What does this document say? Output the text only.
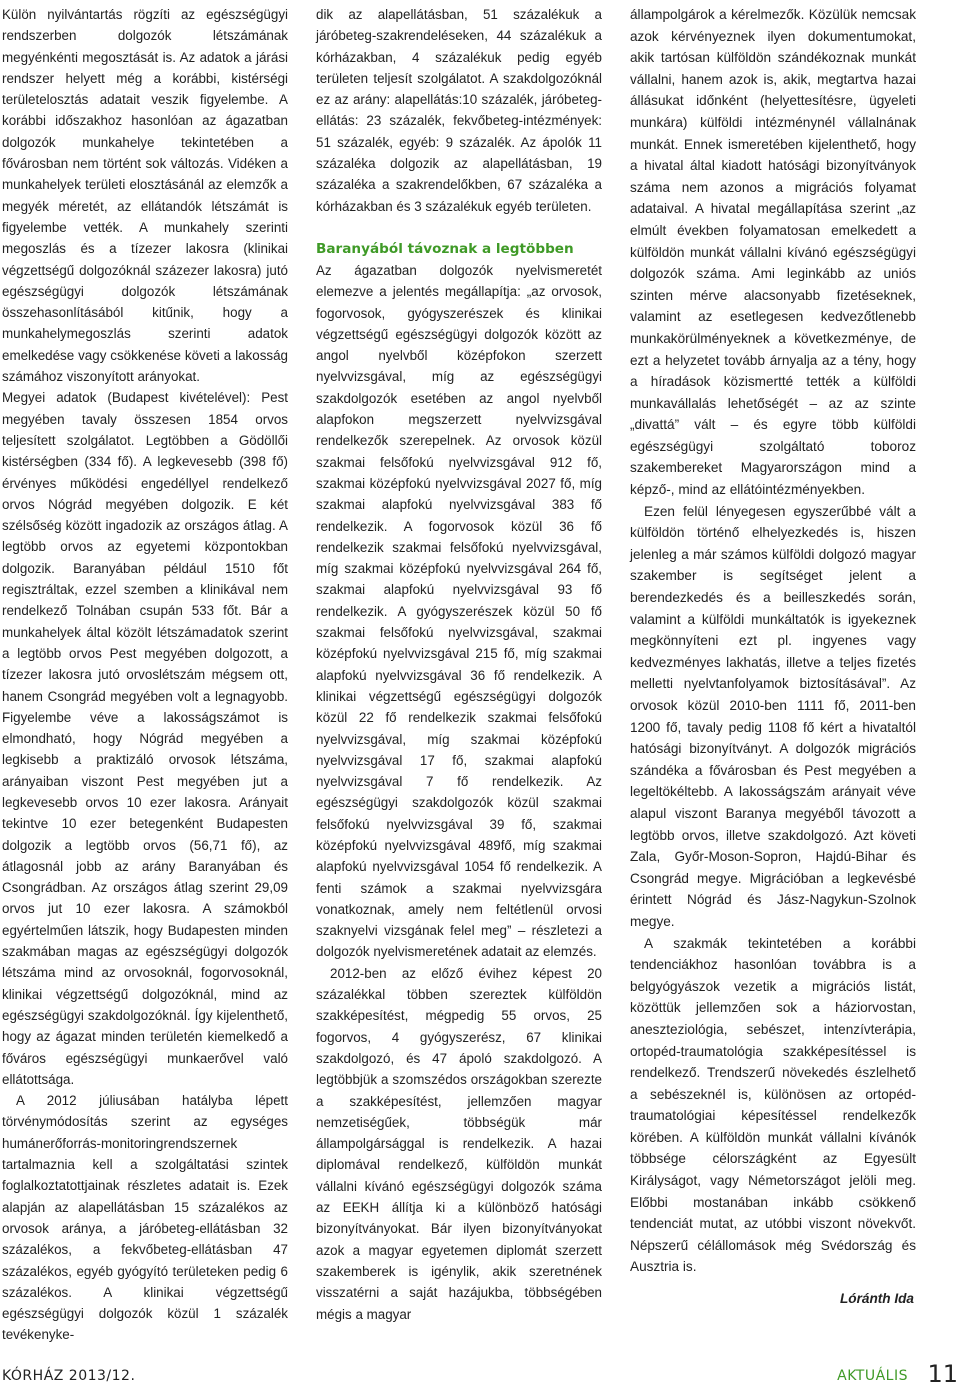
Külön nyilvántartás rögzíti az egészségügyi rendszerben dolgozók létszámának megyénkénti megosztását is. Az adatok a járási rendszer helyett még a korábbi, kistérségi területelosztás adatait veszik figyelembe. A korábbi időszakhoz hasonlóan az ágazatban dolgozók munkahelye tekintetében a fővárosban nem történt sok változás. Vidéken a munkahelyek területi elosztásánál az elemzők a megyék méretét, az ellátandók létszámát is figyelembe vették. A munkahely szerinti megoszlás és a tízezer lakosra (klinikai végzettségű dolgozóknál százezer lakosra) jutó egészségügyi dolgozók létszámának összehasonlításából kitűnik, hogy a munkahelymegoszlás szerinti adatok emelkedése vagy csökkenése követi a lakosság számához viszonyított arányokat.

Megyei adatok (Budapest kivételével): Pest megyében tavaly összesen 1854 orvos teljesített szolgálatot. Legtöbben a Gödöllői kistérségben (334 fő). A legkevesebb (398 fő) érvényes működési engedéllyel rendelkező orvos Nógrád megyében dolgozik. E két szélsőség között ingadozik az országos átlag. A legtöbb orvos az egyetemi központokban dolgozik. Baranyában például 1510 főt regisztráltak, ezzel szemben a klinikával nem rendelkező Tolnában csupán 533 főt. Bár a munkahelyek által közölt létszámadatok szerint a legtöbb orvos Pest megyében dolgozott, a tízezer lakosra jutó orvoslétszám mégsem ott, hanem Csongrád megyében volt a legnagyobb. Figyelembe véve a lakosságszámot is elmondható, hogy Nógrád megyében a legkisebb a praktizáló orvosok létszáma, arányaiban viszont Pest megyében jut a legkevesebb orvos 10 ezer lakosra. Arányait tekintve 10 ezer betegenként Budapesten dolgozik a legtöbb orvos (56,71 fő), az átlagosnál jobb az arány Baranyában és Csongrádban. Az országos átlag szerint 29,09 orvos jut 10 ezer lakosra. A számokból egyértelműen látszik, hogy Budapesten minden szakmában magas az egészségügyi dolgozók létszáma mind az orvosoknál, fogorvosoknál, klinikai végzettségű dolgozóknál, mind az egészségügyi szakdolgozóknál. Így kijelenthető, hogy az ágazat minden területén kiemelkedő a főváros egészségügyi munkaerővel való ellátottsága.

A 2012 júliusában hatályba lépett törvénymódosítás szerint az egységes humánerőforrás-monitoringrendszernek tartalmaznia kell a szolgáltatási szintek foglalkoztatottjainak részletes adatait is. Ezek alapján az alapellátásban 15 százalékos az orvosok aránya, a járóbeteg-ellátásban 32 százalékos, a fekvőbeteg-ellátásban 47 százalékos, egyéb gyógyító területeken pedig 6 százalékos. A klinikai végzettségű egészségügyi dolgozók közül 1 százalék tevékenyke-

dik az alapellátásban, 51 százalékuk a járóbeteg-szakrendeléseken, 44 százalékuk a kórházakban, 4 százalékuk pedig egyéb területen teljesít szolgálatot. A szakdolgozóknál ez az arány: alapellátás:10 százalék, járóbeteg-ellátás: 23 százalék, fekvőbeteg-intézmények: 51 százalék, egyéb: 9 százalék. Az ápolók 11 százaléka dolgozik az alapellátásban, 19 százaléka a szakrendelőkben, 67 százaléka a kórházakban és 3 százalékuk egyéb területen.

Baranyából távoznak a legtöbben

Az ágazatban dolgozók nyelvismeretét elemezve a jelentés megállapítja: „az orvosok, fogorvosok, gyógyszerészek és klinikai végzettségű egészségügyi dolgozók között az angol nyelvből középfokon szerzett nyelvvizsgával, míg az egészségügyi szakdolgozók esetében az angol nyelvből alapfokon megszerzett nyelvvizsgával rendelkezők szerepelnek. Az orvosok közül szakmai felsőfokú nyelvvizsgával 912 fő, szakmai középfokú nyelvvizsgával 2027 fő, míg szakmai alapfokú nyelvvizsgával 383 fő rendelkezik. A fogorvosok közül 36 fő rendelkezik szakmai felsőfokú nyelvvizsgával, míg szakmai középfokú nyelvvizsgával 264 fő, szakmai alapfokú nyelvvizsgával 93 fő rendelkezik. A gyógyszerészek közül 50 fő szakmai felsőfokú nyelvvizsgával, szakmai középfokú nyelvvizsgával 215 fő, míg szakmai alapfokú nyelvvizsgával 36 fő rendelkezik. A klinikai végzettségű egészségügyi dolgozók közül 22 fő rendelkezik szakmai felsőfokú nyelvvizsgával, míg szakmai középfokú nyelvvizsgával 17 fő, szakmai alapfokú nyelvvizsgával 7 fő rendelkezik. Az egészségügyi szakdolgozók közül szakmai felsőfokú nyelvvizsgával 39 fő, szakmai középfokú nyelvvizsgával 489fő, míg szakmai alapfokú nyelvvizsgával 1054 fő rendelkezik. A fenti számok a szakmai nyelvvizsgára vonatkoznak, amely nem feltétlenül orvosi szaknyelvi vizsgának felel meg” – részletezi a dolgozók nyelvismeretének adatait az elemzés.

2012-ben az előző évihez képest 20 százalékkal többen szereztek külföldön szakképesítést, mégpedig 55 orvos, 25 fogorvos, 4 gyógyszerész, 67 klinikai szakdolgozó, és 47 ápoló szakdolgozó. A legtöbbjük a szomszédos országokban szerezte a szakképesítést, jellemzően magyar nemzetiségűek, többségük már állampolgársággal is rendelkezik. A hazai diplomával rendelkező, külföldön munkát vállalni kívánó egészségügyi dolgozók száma az EEKH állítja ki a különböző hatósági bizonyítványokat. Bár ilyen bizonyítványokat azok a magyar egyetemen diplomát szerzett szakemberek is igénylik, akik szeretnének visszatérni a saját hazájukba, többségében mégis a magyar

állampolgárok a kérelmezők. Közülük nemcsak azok kérvényeznek ilyen dokumentumokat, akik tartósan külföldön szándékoznak munkát vállalni, hanem azok is, akik, megtartva hazai állásukat időnként (helyettesítésre, ügyeleti munkára) külföldi intézménynél vállalnának munkát. Ennek ismeretében kijelenthető, hogy a hivatal által kiadott hatósági bizonyítványok száma nem azonos a migrációs folyamat adataival. A hivatal megállapítása szerint „az elmúlt években folyamatosan emelkedett a külföldön munkát vállalni kívánó egészségügyi dolgozók száma. Ami leginkább az uniós szinten mérve alacsonyabb fizetéseknek, valamint az esetlegesen kedvezőtlenebb munkakörülményeknek a következménye, de ezt a helyzetet tovább árnyalja az a tény, hogy a híradások közismertté tették a külföldi munkavállalás lehetőségét – az az szinte „divattá” vált – és egyre több külföldi egészségügyi szolgáltató toboroz szakembereket Magyarországon mind a képző-, mind az ellátóintézményekben.

Ezen felül lényegesen egyszerűbbé vált a külföldön történő elhelyezkedés is, hiszen jelenleg a már számos külföldi dolgozó magyar szakember is segítséget jelent a berendezkedés és a beilleszkedés során, valamint a külföldi munkáltatók is igyekeznek megkönnyíteni ezt pl. ingyenes vagy kedvezményes lakhatás, illetve a teljes fizetés melletti nyelvtanfolyamok biztosításával”. Az orvosok közül 2010-ben 1111 fő, 2011-ben 1200 fő, tavaly pedig 1108 fő kért a hivataltól hatósági bizonyítványt. A dolgozók migrációs szándéka a fővárosban és Pest megyében a legeltökéltebb. A lakosságszám arányait véve alapul viszont Baranya megyéből távozott a legtöbb orvos, illetve szakdolgozó. Azt követi Zala, Győr-Moson-Sopron, Hajdú-Bihar és Csongrád megye. Migrációban a legkevésbé érintett Nógrád és Jász-Nagykun-Szolnok megye.

A szakmák tekintetében a korábbi tendenciákhoz hasonlóan továbbra is a belgyógyászok vezetik a migrációs listát, közöttük jellemzően sok a háziorvostan, aneszteziológia, sebészet, intenzívterápia, ortopéd-traumatológia szakképesítéssel is rendelkező. Trendszerű növekedés észlelhető a sebészeknél is, különösen az ortopéd-traumatológiai képesítéssel rendelkezők körében. A külföldön munkát vállalni kívánók többsége célországként az Egyesült Királyságot, vagy Németországot jelöli meg. Előbbi mostanában inkább csökkenő tendenciát mutat, az utóbbi viszont növekvőt. Népszerű célállomások még Svédország és Ausztria is.

Lóránth Ida

KÓRHÁZ 2013/12.	AKTUÁLIS 11
